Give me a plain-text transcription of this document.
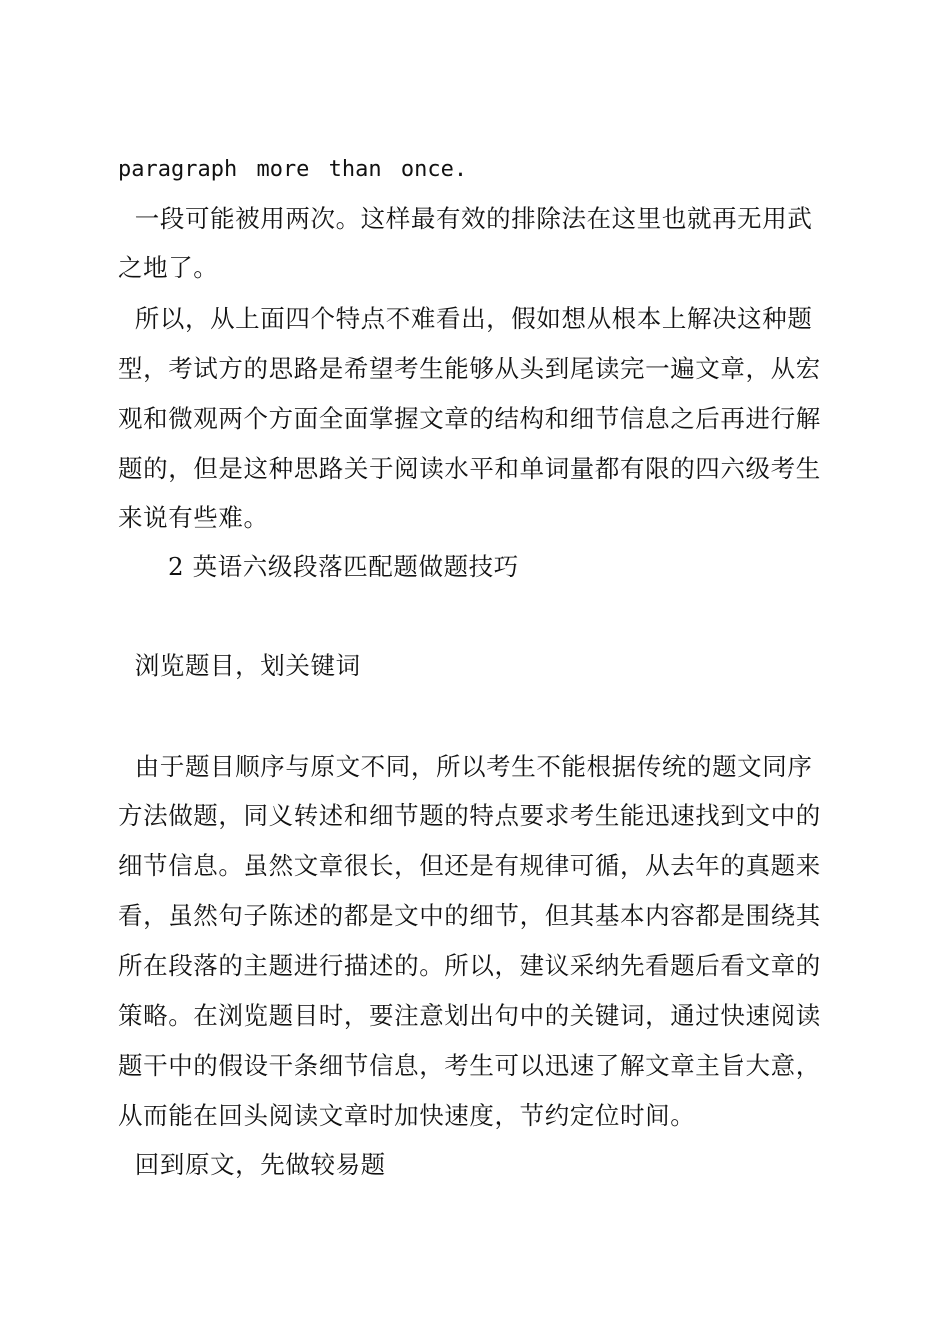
paragraph more than once.
一段可能被用两次。这样最有效的排除法在这里也就再无用武
之地了。
所以，从上面四个特点不难看出，假如想从根本上解决这种题
型，考试方的思路是希望考生能够从头到尾读完一遍文章，从宏
观和微观两个方面全面掌握文章的结构和细节信息之后再进行解
题的，但是这种思路关于阅读水平和单词量都有限的四六级考生
来说有些难。
2 英语六级段落匹配题做题技巧
浏览题目，划关键词
由于题目顺序与原文不同，所以考生不能根据传统的题文同序
方法做题，同义转述和细节题的特点要求考生能迅速找到文中的
细节信息。虽然文章很长，但还是有规律可循，从去年的真题来
看，虽然句子陈述的都是文中的细节，但其基本内容都是围绕其
所在段落的主题进行描述的。所以，建议采纳先看题后看文章的
策略。在浏览题目时，要注意划出句中的关键词，通过快速阅读
题干中的假设干条细节信息，考生可以迅速了解文章主旨大意，
从而能在回头阅读文章时加快速度，节约定位时间。
回到原文，先做较易题
